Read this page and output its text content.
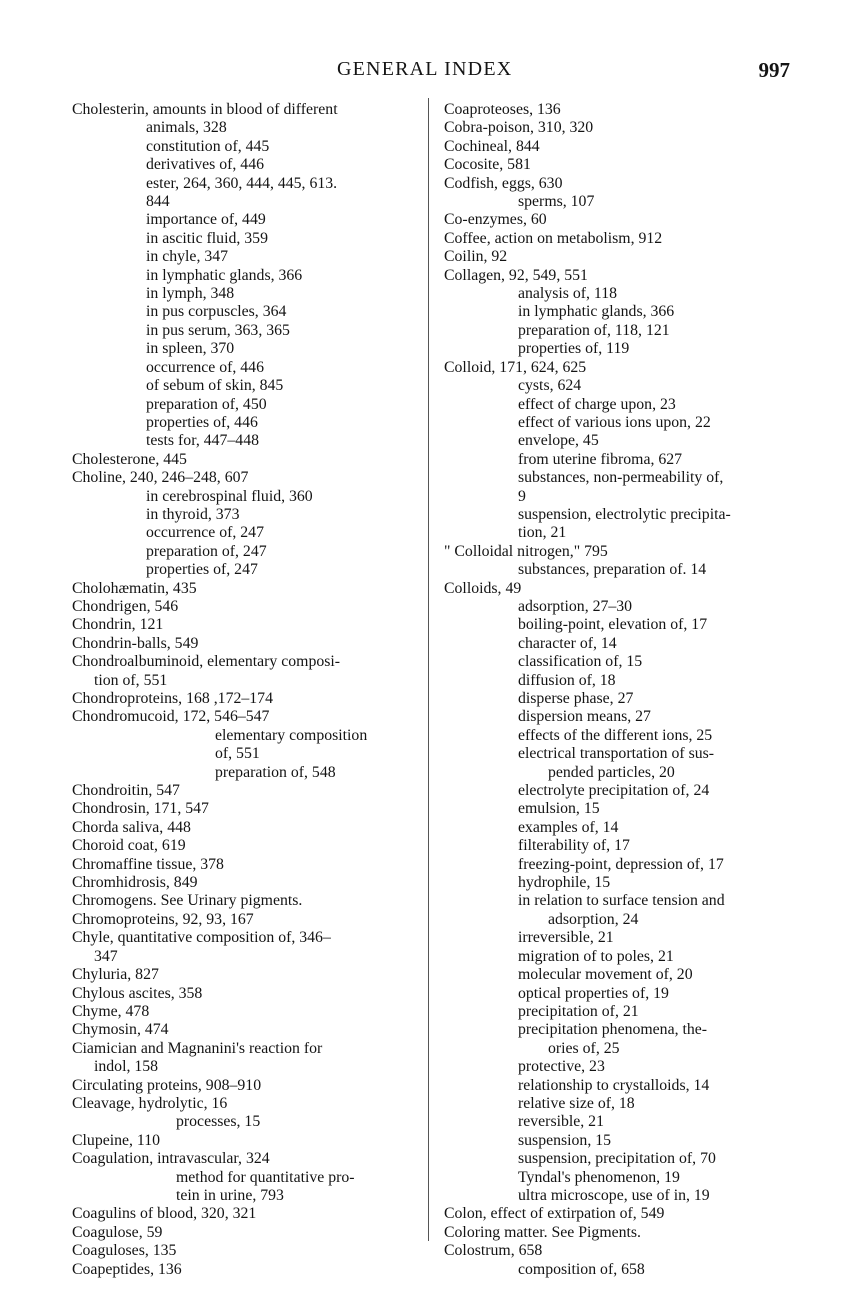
GENERAL INDEX	997
Cholesterin, amounts in blood of different
animals, 328
constitution of, 445
derivatives of, 446
ester, 264, 360, 444, 445, 613.
844
importance of, 449
in ascitic fluid, 359
in chyle, 347
in lymphatic glands, 366
in lymph, 348
in pus corpuscles, 364
in pus serum, 363, 365
in spleen, 370
occurrence of, 446
of sebum of skin, 845
preparation of, 450
properties of, 446
tests for, 447–448
Cholesterone, 445
Choline, 240, 246–248, 607
in cerebrospinal fluid, 360
in thyroid, 373
occurrence of, 247
preparation of, 247
properties of, 247
Cholohæmatin, 435
Chondrigen, 546
Chondrin, 121
Chondrin-balls, 549
Chondroalbuminoid, elementary composi-
tion of, 551
Chondroproteins, 168 ,172–174
Chondromucoid, 172, 546–547
elementary composition
of, 551
preparation of, 548
Chondroitin, 547
Chondrosin, 171, 547
Chorda saliva, 448
Choroid coat, 619
Chromaffine tissue, 378
Chromhidrosis, 849
Chromogens. See Urinary pigments.
Chromoproteins, 92, 93, 167
Chyle, quantitative composition of, 346–
347
Chyluria, 827
Chylous ascites, 358
Chyme, 478
Chymosin, 474
Ciamician and Magnanini's reaction for
indol, 158
Circulating proteins, 908–910
Cleavage, hydrolytic, 16
processes, 15
Clupeine, 110
Coagulation, intravascular, 324
method for quantitative pro-
tein in urine, 793
Coagulins of blood, 320, 321
Coagulose, 59
Coaguloses, 135
Coapeptides, 136
Coaproteoses, 136
Cobra-poison, 310, 320
Cochineal, 844
Cocosite, 581
Codfish, eggs, 630
sperms, 107
Co-enzymes, 60
Coffee, action on metabolism, 912
Coilin, 92
Collagen, 92, 549, 551
analysis of, 118
in lymphatic glands, 366
preparation of, 118, 121
properties of, 119
Colloid, 171, 624, 625
cysts, 624
effect of charge upon, 23
effect of various ions upon, 22
envelope, 45
from uterine fibroma, 627
substances, non-permeability of,
9
suspension, electrolytic precipita-
tion, 21
" Colloidal nitrogen," 795
substances, preparation of. 14
Colloids, 49
adsorption, 27–30
boiling-point, elevation of, 17
character of, 14
classification of, 15
diffusion of, 18
disperse phase, 27
dispersion means, 27
effects of the different ions, 25
electrical transportation of sus-
pended particles, 20
electrolyte precipitation of, 24
emulsion, 15
examples of, 14
filterability of, 17
freezing-point, depression of, 17
hydrophile, 15
in relation to surface tension and
adsorption, 24
irreversible, 21
migration of to poles, 21
molecular movement of, 20
optical properties of, 19
precipitation of, 21
precipitation phenomena, the-
ories of, 25
protective, 23
relationship to crystalloids, 14
relative size of, 18
reversible, 21
suspension, 15
suspension, precipitation of, 70
Tyndal's phenomenon, 19
ultra microscope, use of in, 19
Colon, effect of extirpation of, 549
Coloring matter. See Pigments.
Colostrum, 658
composition of, 658
